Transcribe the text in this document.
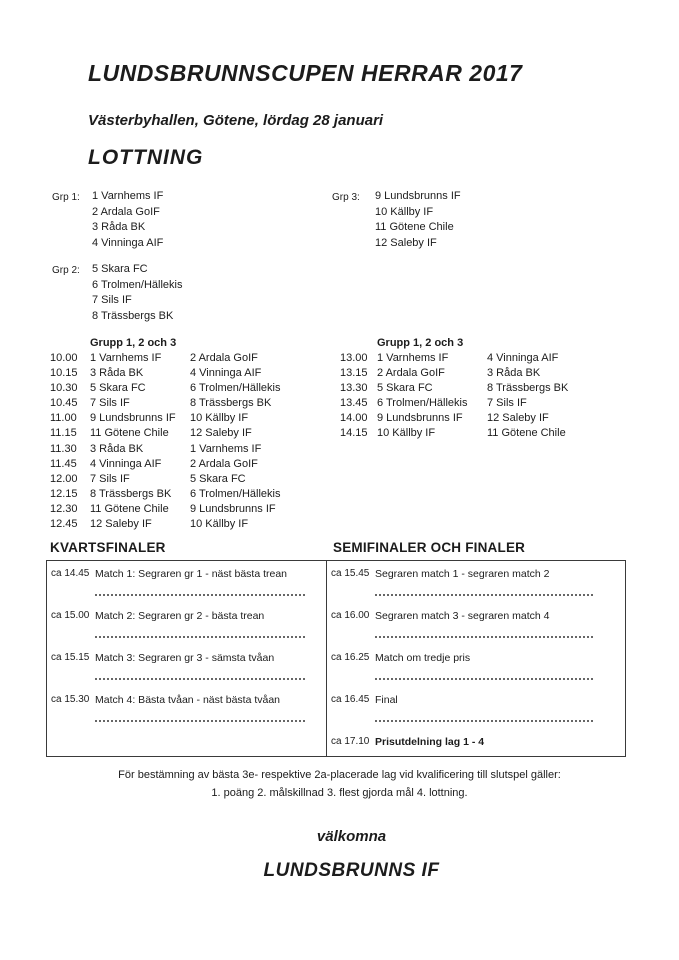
LUNDSBRUNNSCUPEN HERRAR 2017
Västerbyhallen, Götene, lördag 28 januari
LOTTNING
Grp 1:	1 Varnhems IF
2 Ardala GoIF
3 Råda BK
4 Vinninga AIF
Grp 2:	5 Skara FC
6 Trolmen/Hällekis
7 Sils IF
8 Trässbergs BK
Grp 3:	9 Lundsbrunns IF
10 Källby IF
11 Götene Chile
12 Saleby IF
Grupp 1, 2 och 3
10.00	1 Varnhems IF	2 Ardala GoIF
10.15	3 Råda BK	4 Vinninga AIF
10.30	5 Skara FC	6 Trolmen/Hällekis
10.45	7 Sils IF	8 Trässbergs BK
11.00	9 Lundsbrunns IF	10 Källby IF
11.15	11 Götene Chile	12 Saleby IF
11.30	3 Råda BK	1 Varnhems IF
11.45	4 Vinninga AIF	2 Ardala GoIF
12.00	7 Sils IF	5 Skara FC
12.15	8 Trässbergs BK	6 Trolmen/Hällekis
12.30	11 Götene Chile	9 Lundsbrunns IF
12.45	12 Saleby IF	10 Källby IF
Grupp 1, 2 och 3
13.00 1 Varnhems IF	4 Vinninga AIF
13.15 2 Ardala GoIF	3 Råda BK
13.30 5 Skara FC	8 Trässbergs BK
13.45 6 Trolmen/Hällekis	7 Sils IF
14.00 9 Lundsbrunns IF	12 Saleby IF
14.15 10 Källby IF	11 Götene Chile
KVARTSFINALER
ca 14.45 Match 1: Segraren gr 1 - näst bästa trean
ca 15.00 Match 2: Segraren gr 2 - bästa trean
ca 15.15 Match 3: Segraren gr 3 - sämsta tvåan
ca 15.30 Match 4: Bästa tvåan - näst bästa tvåan
SEMIFINALER OCH FINALER
ca 15.45 Segraren match 1 - segraren match 2
ca 16.00 Segraren match 3 - segraren match 4
ca 16.25 Match om tredje pris
ca 16.45 Final
ca 17.10 Prisutdelning lag 1 - 4
För bestämning av bästa 3e- respektive 2a-placerade lag vid kvalificering till slutspel gäller:
1. poäng 2. målskillnad 3. flest gjorda mål 4. lottning.
välkomna
LUNDSBRUNNS IF
